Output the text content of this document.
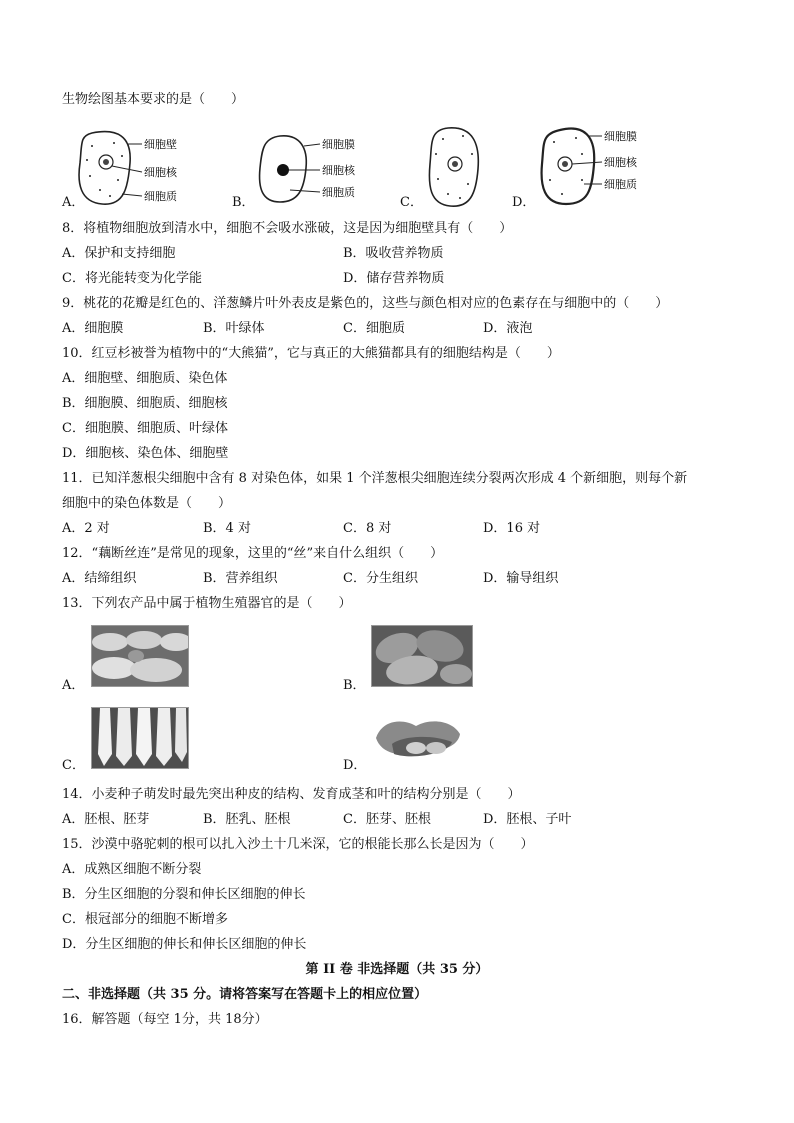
生物绘图基本要求的是（　　）
细胞壁
细胞核
细胞质
A．
细胞膜
细胞核
细胞质
B．	C．
细胞膜
细胞核
细胞质
D．
8．将植物细胞放到清水中，细胞不会吸水涨破，这是因为细胞壁具有（　　）
A．保护和支持细胞	B．吸收营养物质
C．将光能转变为化学能	D．储存营养物质
9．桃花的花瓣是红色的、洋葱鳞片叶外表皮是紫色的，这些与颜色相对应的色素存在与细胞中的（　　）
A．细胞膜	B．叶绿体	C．细胞质	D．液泡
10．红豆杉被誉为植物中的“大熊猫”，它与真正的大熊猫都具有的细胞结构是（　　）
A．细胞壁、细胞质、染色体
B．细胞膜、细胞质、细胞核
C．细胞膜、细胞质、叶绿体
D．细胞核、染色体、细胞壁
11．已知洋葱根尖细胞中含有 8 对染色体，如果 1 个洋葱根尖细胞连续分裂两次形成 4 个新细胞，则每个新
细胞中的染色体数是（　　）
A．2 对	B．4 对	C．8 对	D．16 对
12．“藕断丝连”是常见的现象，这里的“丝”来自什么组织（　　）
A．结缔组织	B．营养组织	C．分生组织	D．输导组织
13．下列农产品中属于植物生殖器官的是（　　）
A．	B．
C．	D．
14．小麦种子萌发时最先突出种皮的结构、发育成茎和叶的结构分别是（　　）
A．胚根、胚芽	B．胚乳、胚根	C．胚芽、胚根	D．胚根、子叶
15．沙漠中骆驼刺的根可以扎入沙土十几米深，它的根能长那么长是因为（　　）
A．成熟区细胞不断分裂
B．分生区细胞的分裂和伸长区细胞的伸长
C．根冠部分的细胞不断增多
D．分生区细胞的伸长和伸长区细胞的伸长
第 II 卷 非选择题（共 35 分）
二、非选择题（共 35 分。请将答案写在答题卡上的相应位置）
16．解答题（每空 1分，共 18分）
